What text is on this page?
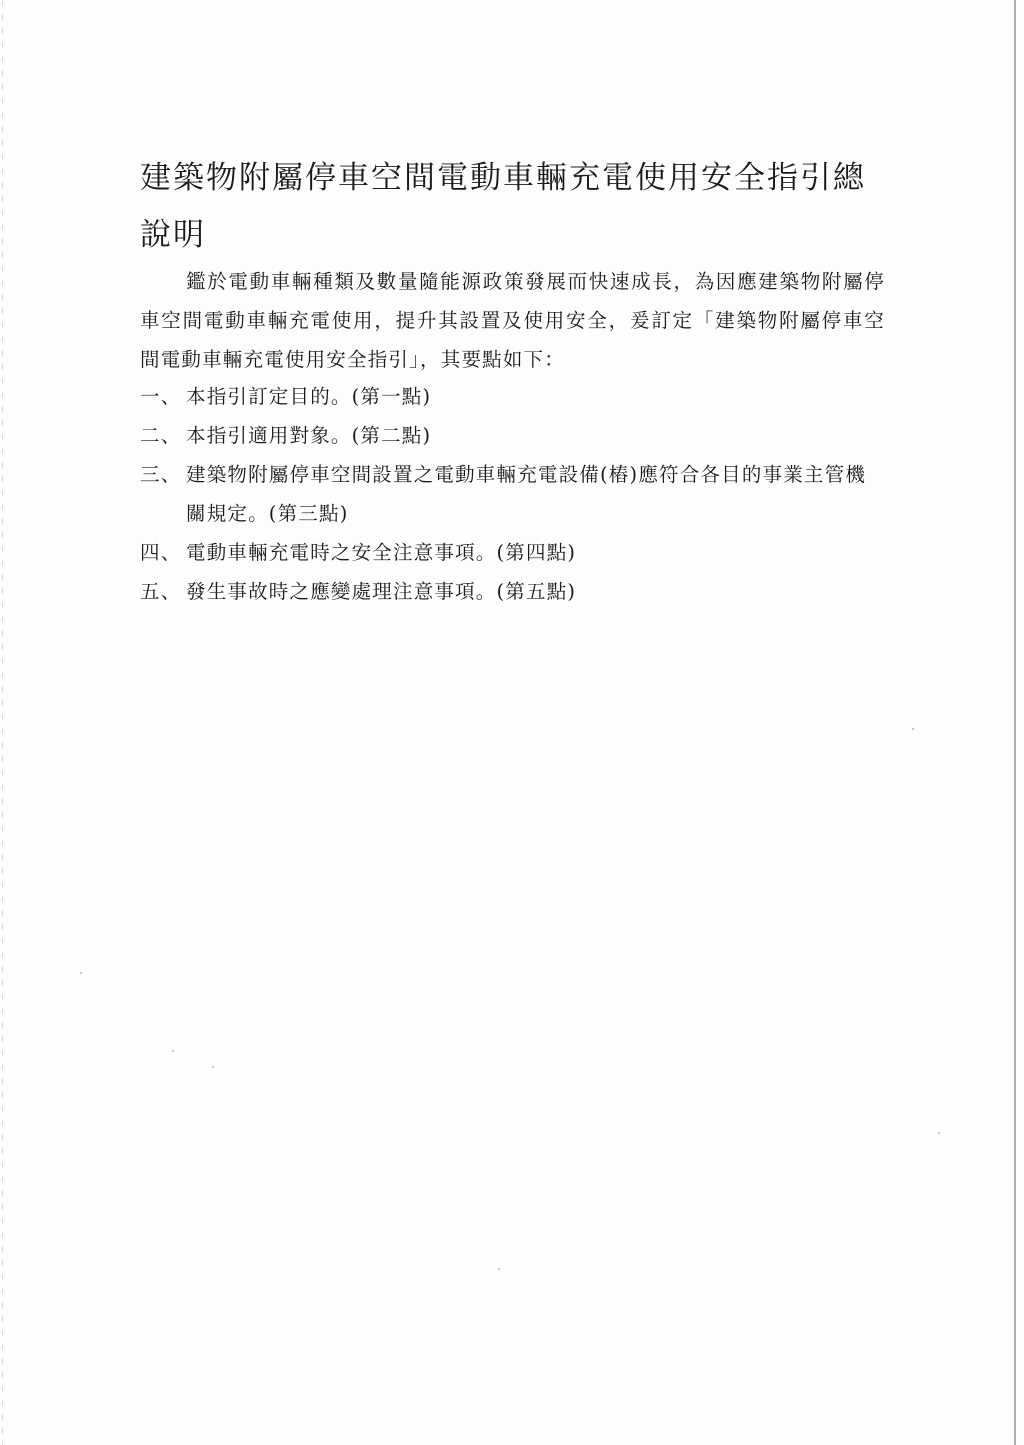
建築物附屬停車空間電動車輛充電使用安全指引總說明

鑑於電動車輛種類及數量隨能源政策發展而快速成長，為因應建築物附屬停車空間電動車輛充電使用，提升其設置及使用安全，爰訂定「建築物附屬停車空間電動車輛充電使用安全指引」，其要點如下：

一、 本指引訂定目的。(第一點)
二、 本指引適用對象。(第二點)
三、 建築物附屬停車空間設置之電動車輛充電設備(樁)應符合各目的事業主管機關規定。(第三點)
四、 電動車輛充電時之安全注意事項。(第四點)
五、 發生事故時之應變處理注意事項。(第五點)
